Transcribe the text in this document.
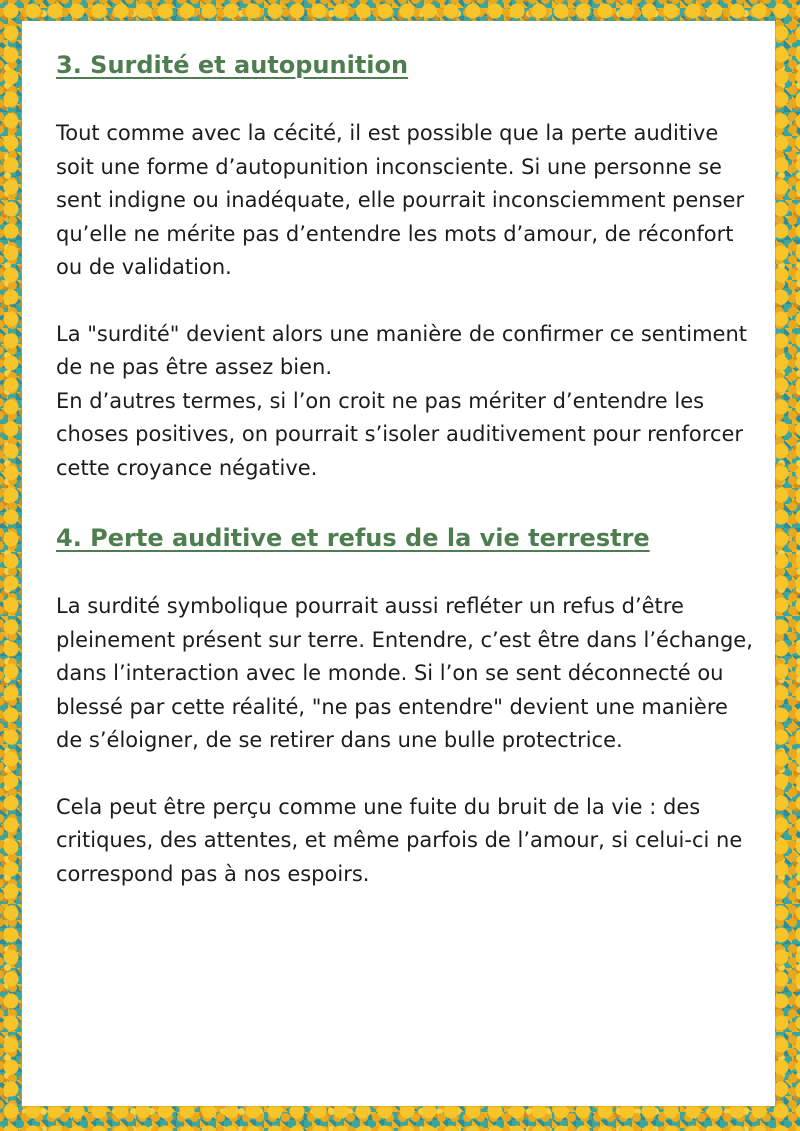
3. Surdité et autopunition

Tout comme avec la cécité, il est possible que la perte auditive soit une forme d’autopunition inconsciente. Si une personne se sent indigne ou inadéquate, elle pourrait inconsciemment penser qu’elle ne mérite pas d’entendre les mots d’amour, de réconfort ou de validation.

La "surdité" devient alors une manière de confirmer ce sentiment de ne pas être assez bien.

En d’autres termes, si l’on croit ne pas mériter d’entendre les choses positives, on pourrait s’isoler auditivement pour renforcer cette croyance négative.

4. Perte auditive et refus de la vie terrestre

La surdité symbolique pourrait aussi refléter un refus d’être pleinement présent sur terre. Entendre, c’est être dans l’échange, dans l’interaction avec le monde. Si l’on se sent déconnecté ou blessé par cette réalité, "ne pas entendre" devient une manière de s’éloigner, de se retirer dans une bulle protectrice.

Cela peut être perçu comme une fuite du bruit de la vie : des critiques, des attentes, et même parfois de l’amour, si celui-ci ne correspond pas à nos espoirs.
